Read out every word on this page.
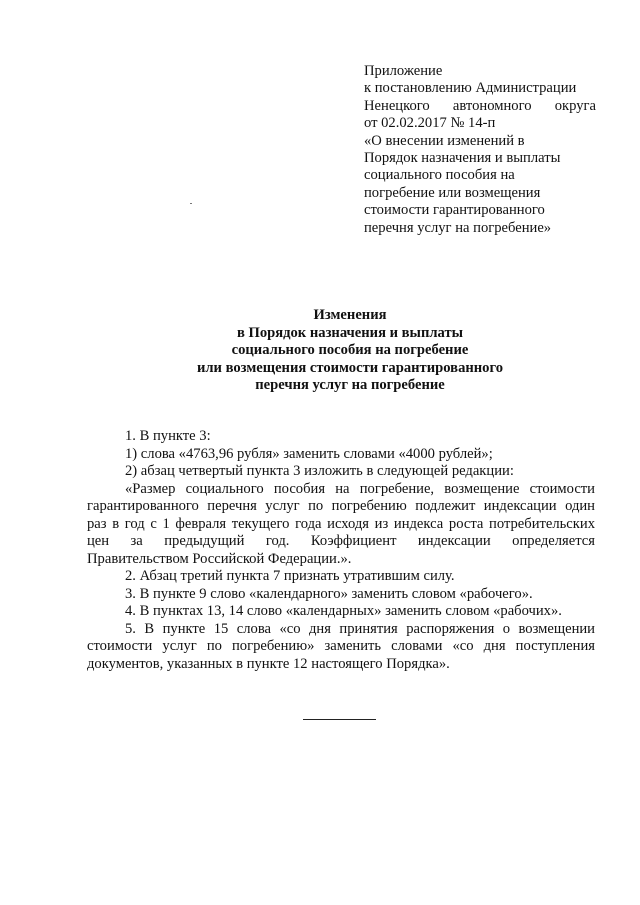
Приложение
к постановлению Администрации
Ненецкого автономного округа
от 02.02.2017 № 14-п
«О внесении изменений в
Порядок назначения и выплаты
социального пособия на
погребение или возмещения
стоимости гарантированного
перечня услуг на погребение»
Изменения
в Порядок назначения и выплаты
социального пособия на погребение
или возмещения стоимости гарантированного
перечня услуг на погребение
1. В пункте 3:
1) слова «4763,96 рубля» заменить словами «4000 рублей»;
2) абзац четвертый пункта 3 изложить в следующей редакции:
«Размер социального пособия на погребение, возмещение стоимости
гарантированного перечня услуг по погребению подлежит индексации один
раз в год с 1 февраля текущего года исходя из индекса роста потребительских
цен за предыдущий год. Коэффициент индексации определяется
Правительством Российской Федерации.».
2. Абзац третий пункта 7 признать утратившим силу.
3. В пункте 9 слово «календарного» заменить словом «рабочего».
4. В пунктах 13, 14 слово «календарных» заменить словом «рабочих».
5. В пункте 15 слова «со дня принятия распоряжения о возмещении
стоимости услуг по погребению» заменить словами «со дня поступления
документов, указанных в пункте 12 настоящего Порядка».
